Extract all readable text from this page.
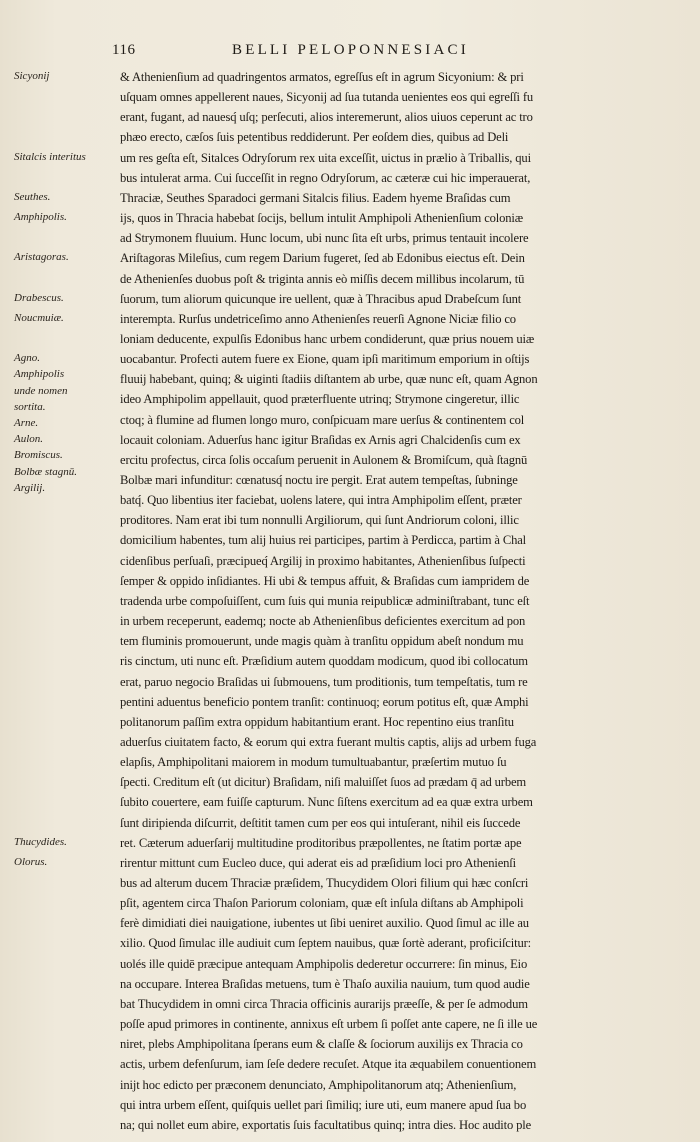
116	BELLI PELOPONNESIACI
Sicyonij
Sitalcis interitus
Seuthes.
Amphipolis.
Aristagoras.
Drabescus.
Noucmuiæ.
Agno.
Amphipolis
unde nomen
sortita.
Arne.
Aulon.
Bromiscus.
Bolbæ stagnū.
Argilij.
Thucydides.
Olorus.
& Athenienſium ad quadringentos armatos, egreſſus eſt in agrum Sicyonium: & pri
uſquam omnes appellerent naues, Sicyonij ad ſua tutanda uenientes eos qui egreſſi fu
erant, fugant, ad nauesq́ uſq; perſecuti, alios interemerunt, alios uiuos ceperunt ac tro
phæo erecto, cæſos ſuis petentibus reddiderunt. Per eoſdem dies, quibus ad Deli
um res geſta eſt, Sitalces Odryſorum rex uita exceſſit, uictus in prælio à Triballis, qui
bus intulerat arma. Cui ſucceſſit in regno Odryſorum, ac cæteræ cui hic imperauerat,
Thraciæ, Seuthes Sparadoci germani Sitalcis filius. Eadem hyeme Braſidas cum
ijs, quos in Thracia habebat ſocijs, bellum intulit Amphipoli Athenienſium coloniæ
ad Strymonem fluuium. Hunc locum, ubi nunc ſita eſt urbs, primus tentauit incolere
Ariſtagoras Mileſius, cum regem Darium fugeret, ſed ab Edonibus eiectus eſt. Dein
de Athenienſes duobus poſt & triginta annis eò miſſis decem millibus incolarum, tū
ſuorum, tum aliorum quicunque ire uellent, quæ à Thracibus apud Drabeſcum ſunt
interempta. Rurſus undetriceſimo anno Athenienſes reuerſi Agnone Niciæ filio co
loniam deducente, expulſis Edonibus hanc urbem condiderunt, quæ prius nouem uiæ
uocabantur. Profecti autem fuere ex Eione, quam ipſi maritimum emporium in oſtijs
fluuij habebant, quinq; & uiginti ſtadiis diſtantem ab urbe, quæ nunc eſt, quam Agnon
ideo Amphipolim appellauit, quod præterfluente utrinq; Strymone cingeretur, illic
ctoq; à flumine ad flumen longo muro, conſpicuam mare uerſus & continentem col
locauit coloniam. Aduerſus hanc igitur Braſidas ex Arnis agri Chalcidenſis cum ex
ercitu profectus, circa ſolis occaſum peruenit in Aulonem & Bromiſcum, quà ſtagnū
Bolbæ mari infunditur: cœnatusq́ noctu ire pergit. Erat autem tempeſtas, ſubninge
batq́. Quo libentius iter faciebat, uolens latere, qui intra Amphipolim eſſent, præter
proditores. Nam erat ibi tum nonnulli Argiliorum, qui ſunt Andriorum coloni, illic
domicilium habentes, tum alij huius rei participes, partim à Perdicca, partim à Chal
cidenſibus perſuaſi, præcipueq́ Argilij in proximo habitantes, Athenienſibus ſuſpecti
ſemper & oppido inſidiantes. Hi ubi & tempus affuit, & Braſidas cum iampridem de
tradenda urbe compoſuiſſent, cum ſuis qui munia reipublicæ adminiſtrabant, tunc eſt
in urbem receperunt, eademq; nocte ab Athenienſibus deficientes exercitum ad pon
tem fluminis promouerunt, unde magis quàm à tranſitu oppidum abeſt nondum mu
ris cinctum, uti nunc eſt. Præſidium autem quoddam modicum, quod ibi collocatum
erat, paruo negocio Braſidas ui ſubmouens, tum proditionis, tum tempeſtatis, tum re
pentini aduentus beneficio pontem tranſit: continuoq; eorum potitus eſt, quæ Amphi
politanorum paſſim extra oppidum habitantium erant. Hoc repentino eius tranſitu
aduerſus ciuitatem facto, & eorum qui extra fuerant multis captis, alijs ad urbem fuga
elapſis, Amphipolitani maiorem in modum tumultuabantur, præſertim mutuo ſu
ſpecti. Creditum eſt (ut dicitur) Braſidam, niſi maluiſſet ſuos ad prædam q̄ ad urbem
ſubito couertere, eam fuiſſe capturum. Nunc ſiſtens exercitum ad ea quæ extra urbem
ſunt diripienda diſcurrit, deſtitit tamen cum per eos qui intuſerant, nihil eis ſuccede
ret. Cæterum aduerſarij multitudine proditoribus præpollentes, ne ſtatim portæ ape
rirentur mittunt cum Eucleo duce, qui aderat eis ad præſidium loci pro Athenienſi
bus ad alterum ducem Thraciæ præſidem, Thucydidem Olori filium qui hæc conſcri
pſit, agentem circa Thaſon Pariorum coloniam, quæ eſt inſula diſtans ab Amphipoli
ferè dimidiati diei nauigatione, iubentes ut ſibi ueniret auxilio. Quod ſimul ac ille au
xilio. Quod ſimulac ille audiuit cum ſeptem nauibus, quæ ſortè aderant, proficiſcitur:
uolés ille quidē præcipue antequam Amphipolis dederetur occurrere: ſin minus, Eio
na occupare. Interea Braſidas metuens, tum è Thaſo auxilia nauium, tum quod audie
bat Thucydidem in omni circa Thracia officinis aurarijs præeſſe, & per ſe admodum
poſſe apud primores in continente, annixus eſt urbem ſi poſſet ante capere, ne ſi ille ue
niret, plebs Amphipolitana ſperans eum & claſſe & ſociorum auxilijs ex Thracia co
actis, urbem defenſurum, iam ſeſe dedere recuſet. Atque ita æquabilem conuentionem
inijt hoc edicto per præconem denunciato, Amphipolitanorum atq; Athenienſium,
qui intra urbem eſſent, quiſquis uellet pari ſimiliq; iure uti, eum manere apud ſua bo
na; qui nollet eum abire, exportatis ſuis facultatibus quinq; intra dies. Hoc audito ple
